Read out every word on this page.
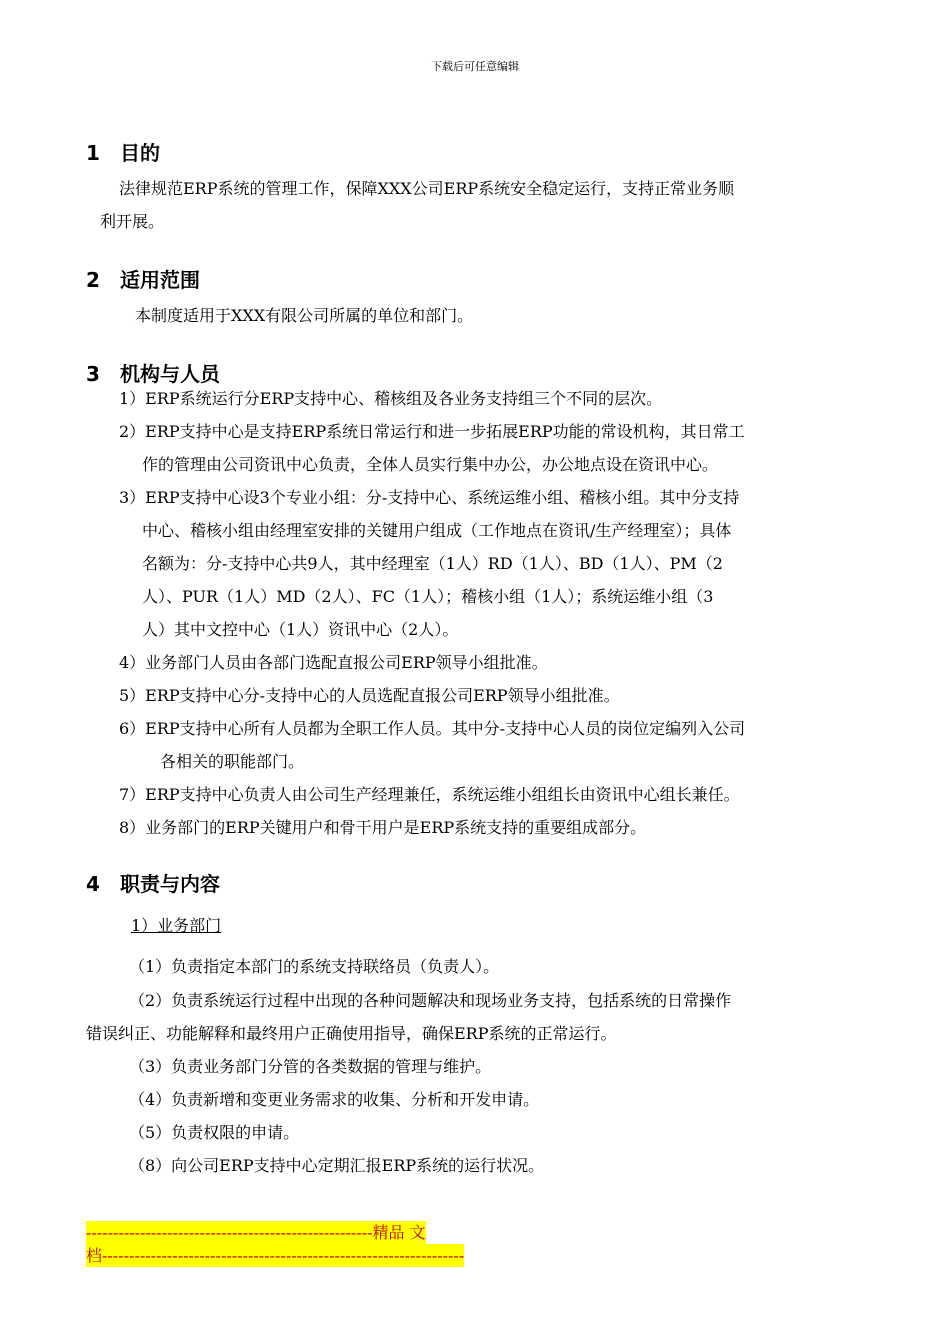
下载后可任意编辑
1 目的
法律规范ERP系统的管理工作，保障XXX公司ERP系统安全稳定运行，支持正常业务顺
利开展。
2 适用范围
本制度适用于XXX有限公司所属的单位和部门。
3 机构与人员
1）ERP系统运行分ERP支持中心、稽核组及各业务支持组三个不同的层次。
2）ERP支持中心是支持ERP系统日常运行和进一步拓展ERP功能的常设机构，其日常工
作的管理由公司资讯中心负责，全体人员实行集中办公，办公地点设在资讯中心。
3）ERP支持中心设3个专业小组：分-支持中心、系统运维小组、稽核小组。其中分支持
中心、稽核小组由经理室安排的关键用户组成（工作地点在资讯/生产经理室）；具体
名额为：分-支持中心共9人，其中经理室（1人）RD（1人）、BD（1人）、PM（2
人）、PUR（1人）MD（2人）、FC（1人）；稽核小组（1人）；系统运维小组（3
人）其中文控中心（1人）资讯中心（2人）。
4）业务部门人员由各部门选配直报公司ERP领导小组批准。
5）ERP支持中心分-支持中心的人员选配直报公司ERP领导小组批准。
6）ERP支持中心所有人员都为全职工作人员。其中分-支持中心人员的岗位定编列入公司
各相关的职能部门。
7）ERP支持中心负责人由公司生产经理兼任，系统运维小组组长由资讯中心组长兼任。
8）业务部门的ERP关键用户和骨干用户是ERP系统支持的重要组成部分。
4 职责与内容
1）业务部门
（1）负责指定本部门的系统支持联络员（负责人）。
（2）负责系统运行过程中出现的各种问题解决和现场业务支持，包括系统的日常操作
错误纠正、功能解释和最终用户正确使用指导，确保ERP系统的正常运行。
（3）负责业务部门分管的各类数据的管理与维护。
（4）负责新增和变更业务需求的收集、分析和开发申请。
（5）负责权限的申请。
（8）向公司ERP支持中心定期汇报ERP系统的运行状况。
-----------------------------------------------------精品 文
档-------------------------------------------------------------------
